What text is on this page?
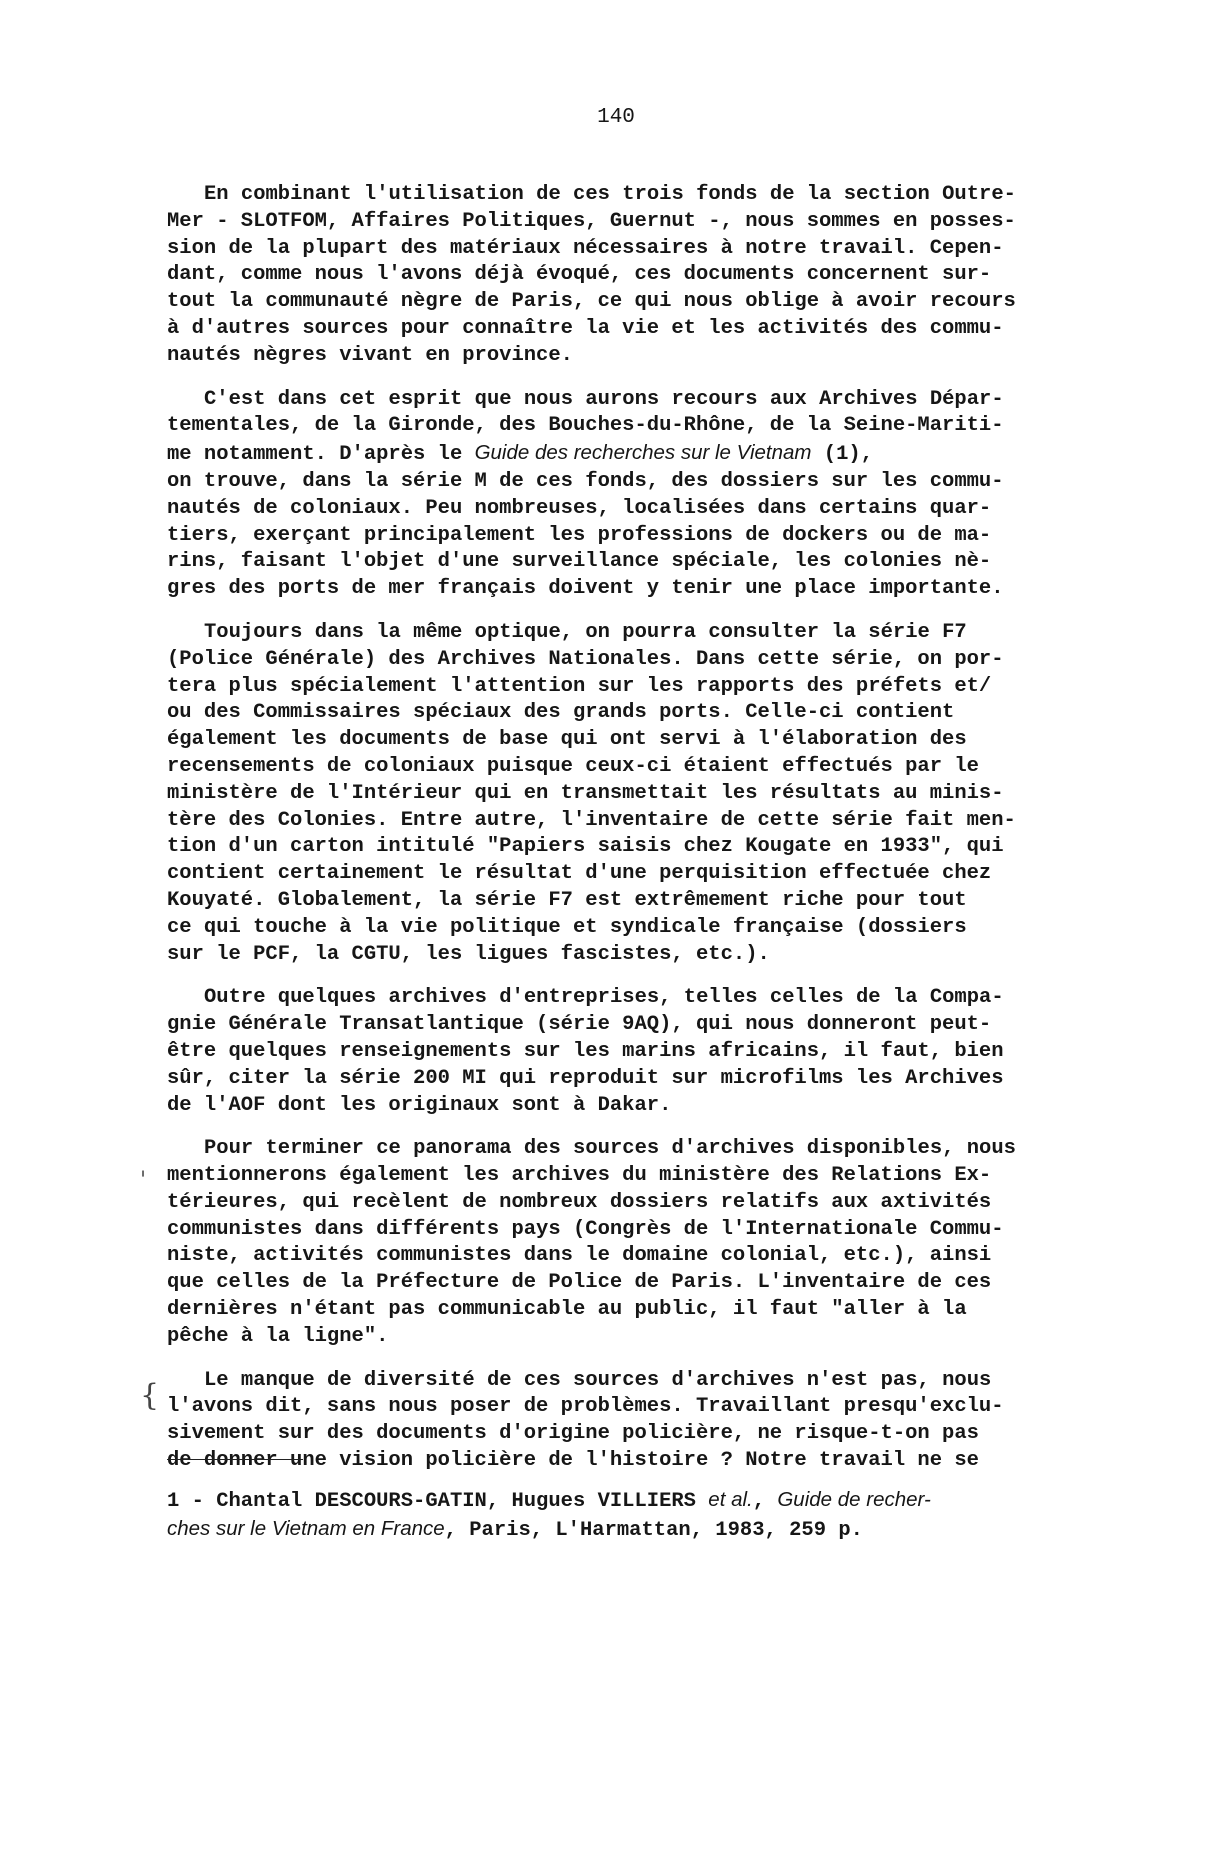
140
En combinant l'utilisation de ces trois fonds de la section Outre-
Mer - SLOTFOM, Affaires Politiques, Guernut -, nous sommes en posses-
sion de la plupart des matériaux nécessaires à notre travail. Cepen-
dant, comme nous l'avons déjà évoqué, ces documents concernent sur-
tout la communauté nègre de Paris, ce qui nous oblige à avoir recours
à d'autres sources pour connaître la vie et les activités des commu-
nautés nègres vivant en province.
C'est dans cet esprit que nous aurons recours aux Archives Dépar-
tementales, de la Gironde, des Bouches-du-Rhône, de la Seine-Mariti-
me notamment. D'après le Guide des recherches sur le Vietnam (1),
on trouve, dans la série M de ces fonds, des dossiers sur les commu-
nautés de coloniaux. Peu nombreuses, localisées dans certains quar-
tiers, exerçant principalement les professions de dockers ou de ma-
rins, faisant l'objet d'une surveillance spéciale, les colonies nè-
gres des ports de mer français doivent y tenir une place importante.
Toujours dans la même optique, on pourra consulter la série F7
(Police Générale) des Archives Nationales. Dans cette série, on por-
tera plus spécialement l'attention sur les rapports des préfets et/
ou des Commissaires spéciaux des grands ports. Celle-ci contient
également les documents de base qui ont servi à l'élaboration des
recensements de coloniaux puisque ceux-ci étaient effectués par le
ministère de l'Intérieur qui en transmettait les résultats au minis-
tère des Colonies. Entre autre, l'inventaire de cette série fait men-
tion d'un carton intitulé "Papiers saisis chez Kougate en 1933", qui
contient certainement le résultat d'une perquisition effectuée chez
Kouyaté. Globalement, la série F7 est extrêmement riche pour tout
ce qui touche à la vie politique et syndicale française (dossiers
sur le PCF, la CGTU, les ligues fascistes, etc.).
Outre quelques archives d'entreprises, telles celles de la Compa-
gnie Générale Transatlantique (série 9AQ), qui nous donneront peut-
être quelques renseignements sur les marins africains, il faut, bien
sûr, citer la série 200 MI qui reproduit sur microfilms les Archives
de l'AOF dont les originaux sont à Dakar.
Pour terminer ce panorama des sources d'archives disponibles, nous
mentionnerons également les archives du ministère des Relations Ex-
térieures, qui recèlent de nombreux dossiers relatifs aux axtivités
communistes dans différents pays (Congrès de l'Internationale Commu-
niste, activités communistes dans le domaine colonial, etc.), ainsi
que celles de la Préfecture de Police de Paris. L'inventaire de ces
dernières n'étant pas communicable au public, il faut "aller à la
pêche à la ligne".
Le manque de diversité de ces sources d'archives n'est pas, nous
l'avons dit, sans nous poser de problèmes. Travaillant presqu'exclu-
sivement sur des documents d'origine policière, ne risque-t-on pas
de donner une vision policière de l'histoire ? Notre travail ne se
'
{
1 - Chantal DESCOURS-GATIN, Hugues VILLIERS et al., Guide de recher-
ches sur le Vietnam en France, Paris, L'Harmattan, 1983, 259 p.
